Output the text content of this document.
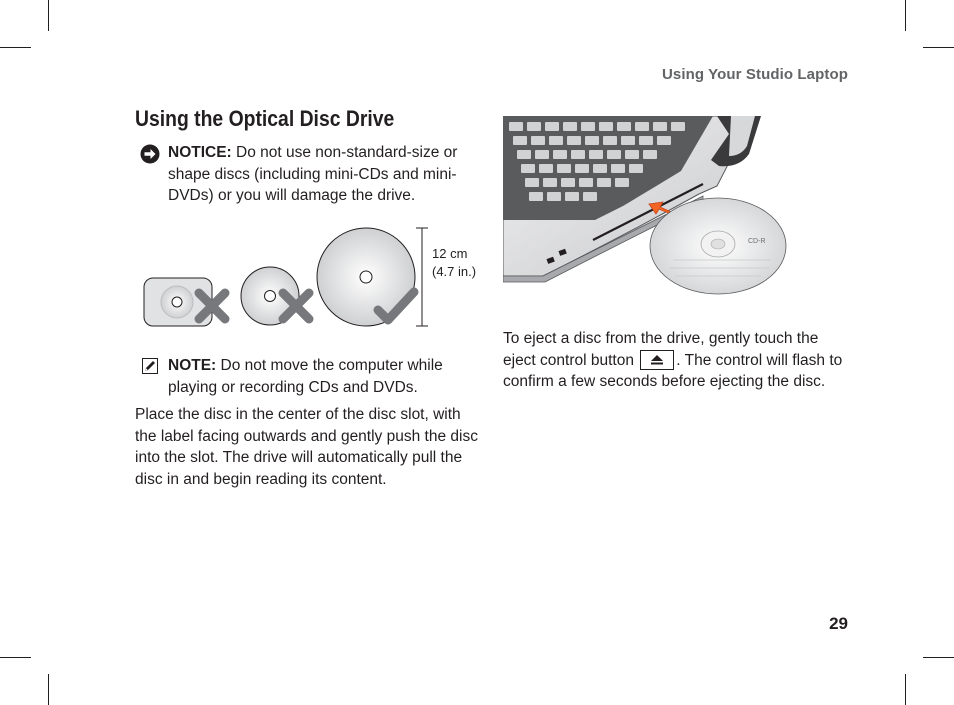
Using Your Studio Laptop
Using the Optical Disc Drive
NOTICE: Do not use non-standard-size or shape discs (including mini-CDs and mini-DVDs) or you will damage the drive.
12 cm
(4.7 in.)
NOTE: Do not move the computer while playing or recording CDs and DVDs.
Place the disc in the center of the disc slot, with the label facing outwards and gently push the disc into the slot. The drive will automatically pull the disc in and begin reading its content.
CD-R
To eject a disc from the drive, gently touch the eject control button
. The control will flash to confirm a few seconds before ejecting the disc.
29
